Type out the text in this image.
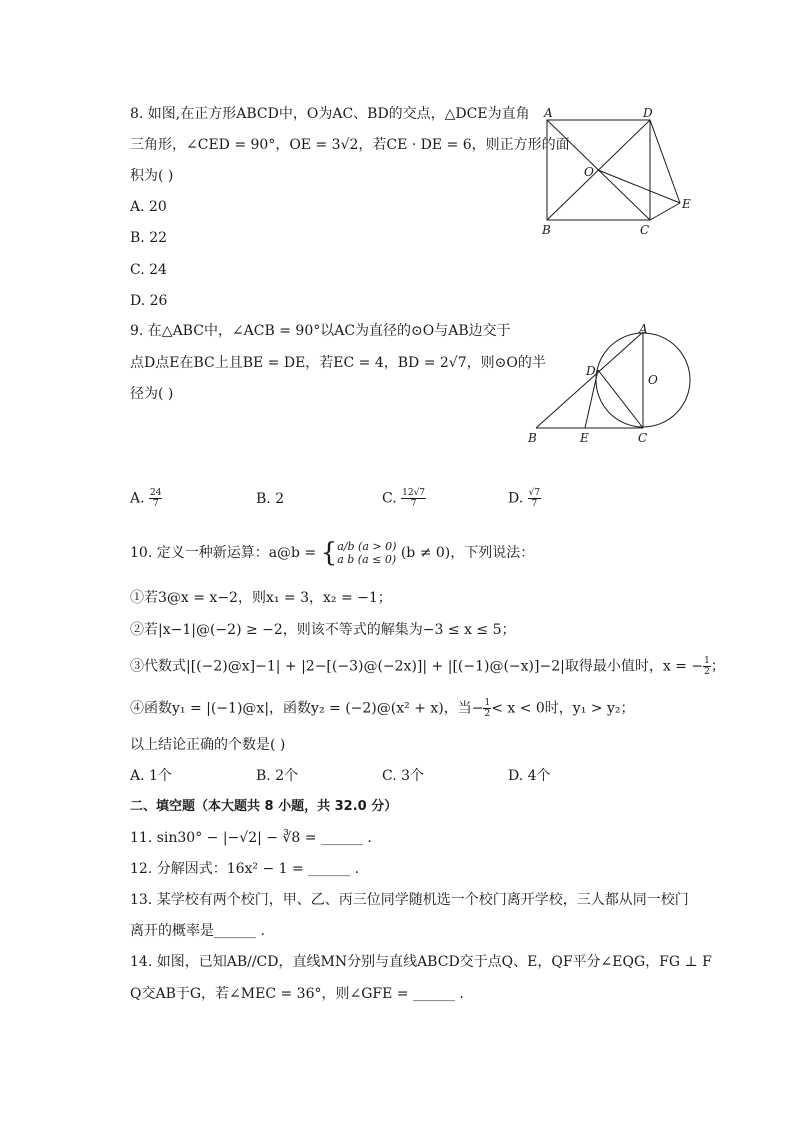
8. 如图,在正方形ABCD中，O为AC、BD的交点，△DCE为直角
三角形，∠CED = 90°，OE = 3√2，若CE · DE = 6，则正方形的面
积为( )
A. 20
B. 22
C. 24
D. 26
A	D
B	C
O
E
9. 在△ABC中，∠ACB = 90°以AC为直径的⊙O与AB边交于
点D点E在BC上且BE = DE，若EC = 4，BD = 2√7，则⊙O的半
径为( )
A
D
O
B	E	C
A. $\frac{24}{7}$	B. 2	C. $\frac{12√7}{7}$	D. $\frac{√7}{7}$
10. 定义一种新运算：a@b = { a/b (a > 0)
a b (a ≤ 0) (b ≠ 0)，下列说法：
①若3@x = x−2，则x₁ = 3，x₂ = −1；
②若|x−1|@(−2) ≥ −2，则该不等式的解集为−3 ≤ x ≤ 5；
③代数式|[(−2)@x]−1| + |2−[(−3)@(−2x)]| + |[(−1)@(−x)]−2|取得最小值时，x = − $\frac{1}{2}$ ；
④函数y₁ = |(−1)@x|，函数y₂ = (−2)@(x² + x)，当− $\frac{1}{2} < x < 0$时，y₁ > y₂；
以上结论正确的个数是( )
A. 1个	B. 2个	C. 3个	D. 4个
二、填空题（本大题共 8 小题，共 32.0 分）
11. sin30° − |−√2| − ∛8 = ______ .
12. 分解因式：16x² − 1 = ______ .
13. 某学校有两个校门，甲、乙、丙三位同学随机选一个校门离开学校，三人都从同一校门
离开的概率是______ .
14. 如图，已知AB//CD，直线MN分别与直线ABCD交于点Q、E，QF平分∠EQG，FG ⊥ F
Q交AB于G，若∠MEC = 36°，则∠GFE = ______ .
